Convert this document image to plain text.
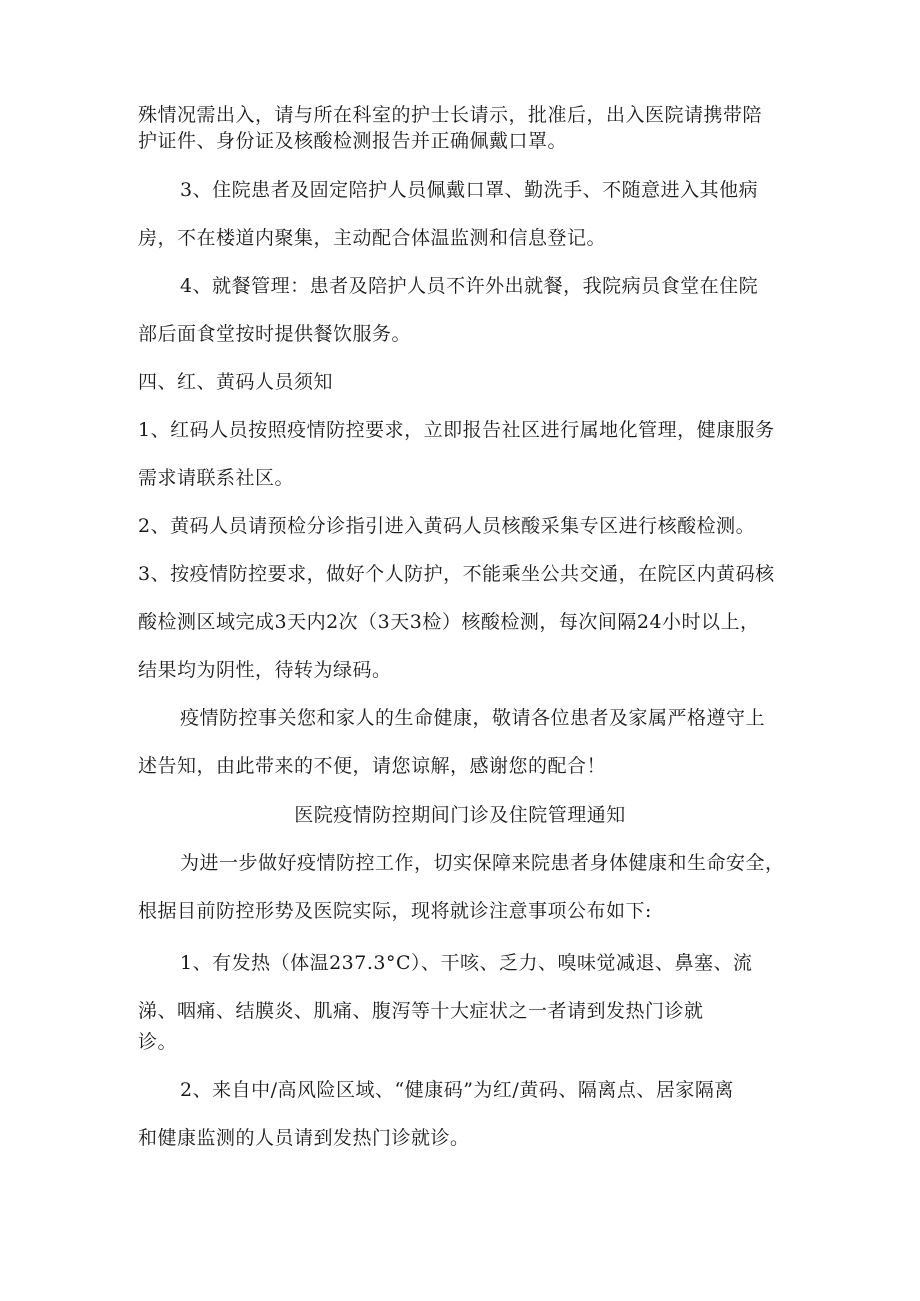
殊情况需出入，请与所在科室的护士长请示，批准后，出入医院请携带陪
护证件、身份证及核酸检测报告并正确佩戴口罩。
3、住院患者及固定陪护人员佩戴口罩、勤洗手、不随意进入其他病
房，不在楼道内聚集，主动配合体温监测和信息登记。
4、就餐管理：患者及陪护人员不许外出就餐，我院病员食堂在住院
部后面食堂按时提供餐饮服务。
四、红、黄码人员须知
1、红码人员按照疫情防控要求，立即报告社区进行属地化管理，健康服务
需求请联系社区。
2、黄码人员请预检分诊指引进入黄码人员核酸采集专区进行核酸检测。
3、按疫情防控要求，做好个人防护，不能乘坐公共交通，在院区内黄码核
酸检测区域完成3天内2次（3天3检）核酸检测，每次间隔24小时以上，
结果均为阴性，待转为绿码。
疫情防控事关您和家人的生命健康，敬请各位患者及家属严格遵守上
述告知，由此带来的不便，请您谅解，感谢您的配合！
医院疫情防控期间门诊及住院管理通知
为进一步做好疫情防控工作，切实保障来院患者身体健康和生命安全，
根据目前防控形势及医院实际，现将就诊注意事项公布如下:
1、有发热（体温237.3°C）、干咳、乏力、嗅味觉减退、鼻塞、流
涕、咽痛、结膜炎、肌痛、腹泻等十大症状之一者请到发热门诊就
诊。
2、来自中/高风险区域、“健康码”为红/黄码、隔离点、居家隔离
和健康监测的人员请到发热门诊就诊。
